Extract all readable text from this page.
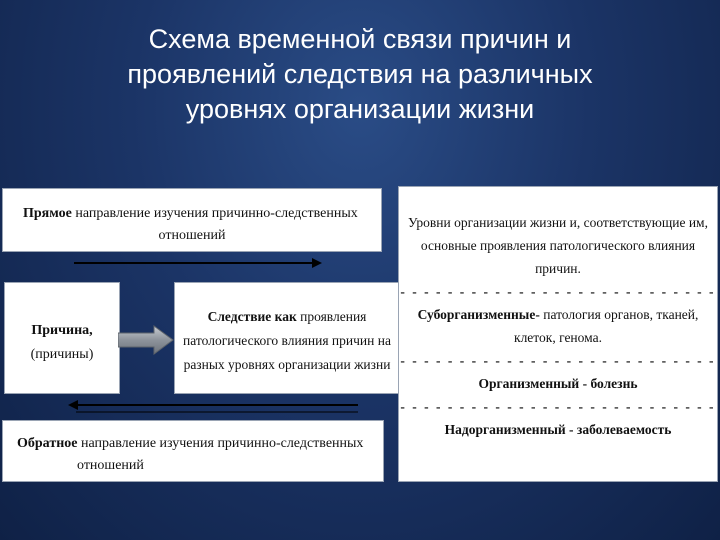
Схема временной связи причин и
проявлений следствия на различных
уровнях организации жизни
Прямое направление изучения причинно-следственных
отношений
Причина,
(причины)
Следствие как проявления
патологического влияния причин на
разных уровнях организации жизни
Обратное направление изучения причинно-следственных
отношений
Уровни организации жизни и, соответствующие им,
основные проявления патологического влияния
причин.
- - - - - - - - - - - - - - - - - - - - - - - - - - -
Суборганизменные- патология органов, тканей,
клеток, генома.
- - - - - - - - - - - - - - - - - - - - - - - - - - -
Организменный - болезнь
- - - - - - - - - - - - - - - - - - - - - - - - - - -
Надорганизменный - заболеваемость
